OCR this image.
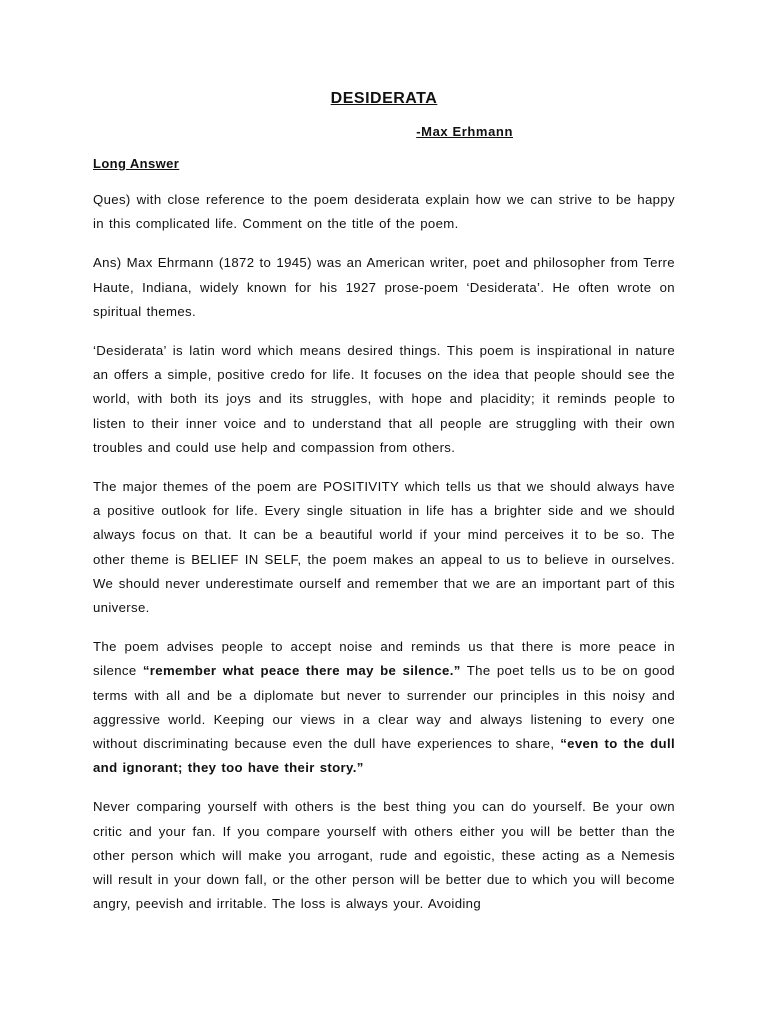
DESIDERATA
-Max Erhmann
Long Answer

Ques) with close reference to the poem desiderata explain how we can strive to be happy in this complicated life. Comment on the title of the poem.

Ans) Max Ehrmann (1872 to 1945) was an American writer, poet and philosopher from Terre Haute, Indiana, widely known for his 1927 prose-poem ‘Desiderata’. He often wrote on spiritual themes.

‘Desiderata’ is latin word which means desired things. This poem is inspirational in nature an offers a simple, positive credo for life. It focuses on the idea that people should see the world, with both its joys and its struggles, with hope and placidity; it reminds people to listen to their inner voice and to understand that all people are struggling with their own troubles and could use help and compassion from others.

The major themes of the poem are POSITIVITY which tells us that we should always have a positive outlook for life. Every single situation in life has a brighter side and we should always focus on that. It can be a beautiful world if your mind perceives it to be so. The other theme is BELIEF IN SELF, the poem makes an appeal to us to believe in ourselves. We should never underestimate ourself and remember that we are an important part of this universe.

The poem advises people to accept noise and reminds us that there is more peace in silence “remember what peace there may be silence.” The poet tells us to be on good terms with all and be a diplomate but never to surrender our principles in this noisy and aggressive world. Keeping our views in a clear way and always listening to every one without discriminating because even the dull have experiences to share, “even to the dull and ignorant; they too have their story.”

Never comparing yourself with others is the best thing you can do yourself. Be your own critic and your fan. If you compare yourself with others either you will be better than the other person which will make you arrogant, rude and egoistic, these acting as a Nemesis will result in your down fall, or the other person will be better due to which you will become angry, peevish and irritable. The loss is always your. Avoiding
